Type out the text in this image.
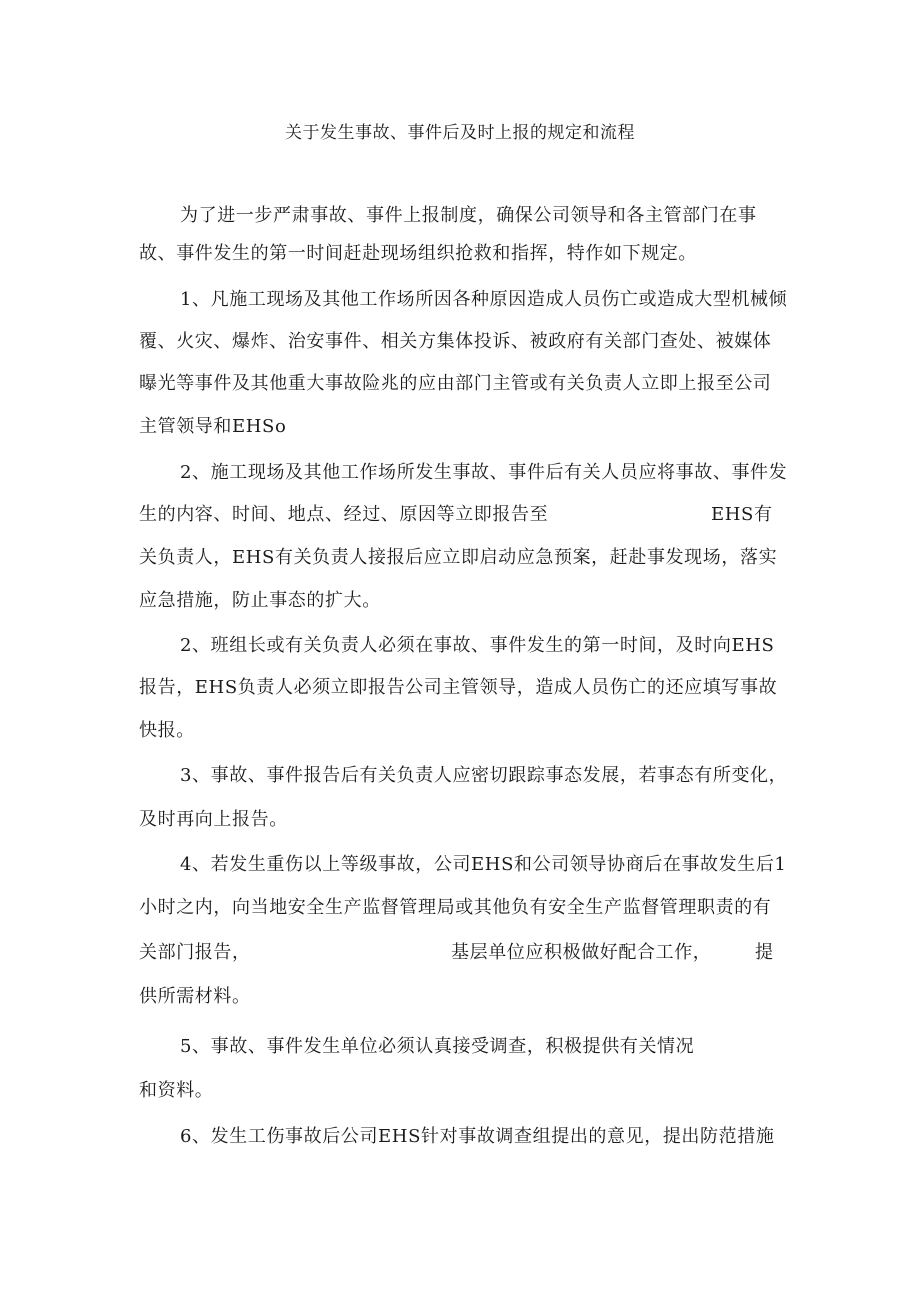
关于发生事故、事件后及时上报的规定和流程

为了进一步严肃事故、事件上报制度，确保公司领导和各主管部门在事

故、事件发生的第一时间赶赴现场组织抢救和指挥，特作如下规定。

1、凡施工现场及其他工作场所因各种原因造成人员伤亡或造成大型机械倾

覆、火灾、爆炸、治安事件、相关方集体投诉、被政府有关部门查处、被媒体

曝光等事件及其他重大事故险兆的应由部门主管或有关负责人立即上报至公司

主管领导和EHSo

2、施工现场及其他工作场所发生事故、事件后有关人员应将事故、事件发

生的内容、时间、地点、经过、原因等立即报告至	EHS有

关负责人，EHS有关负责人接报后应立即启动应急预案，赶赴事发现场，落实

应急措施，防止事态的扩大。

2、班组长或有关负责人必须在事故、事件发生的第一时间，及时向EHS

报告，EHS负责人必须立即报告公司主管领导，造成人员伤亡的还应填写事故

快报。

3、事故、事件报告后有关负责人应密切跟踪事态发展，若事态有所变化，

及时再向上报告。

4、若发生重伤以上等级事故，公司EHS和公司领导协商后在事故发生后1

小时之内，向当地安全生产监督管理局或其他负有安全生产监督管理职责的有

关部门报告，	基层单位应积极做好配合工作， 提

供所需材料。

5、事故、事件发生单位必须认真接受调查，积极提供有关情况

和资料。

6、发生工伤事故后公司EHS针对事故调查组提出的意见，提出防范措施
